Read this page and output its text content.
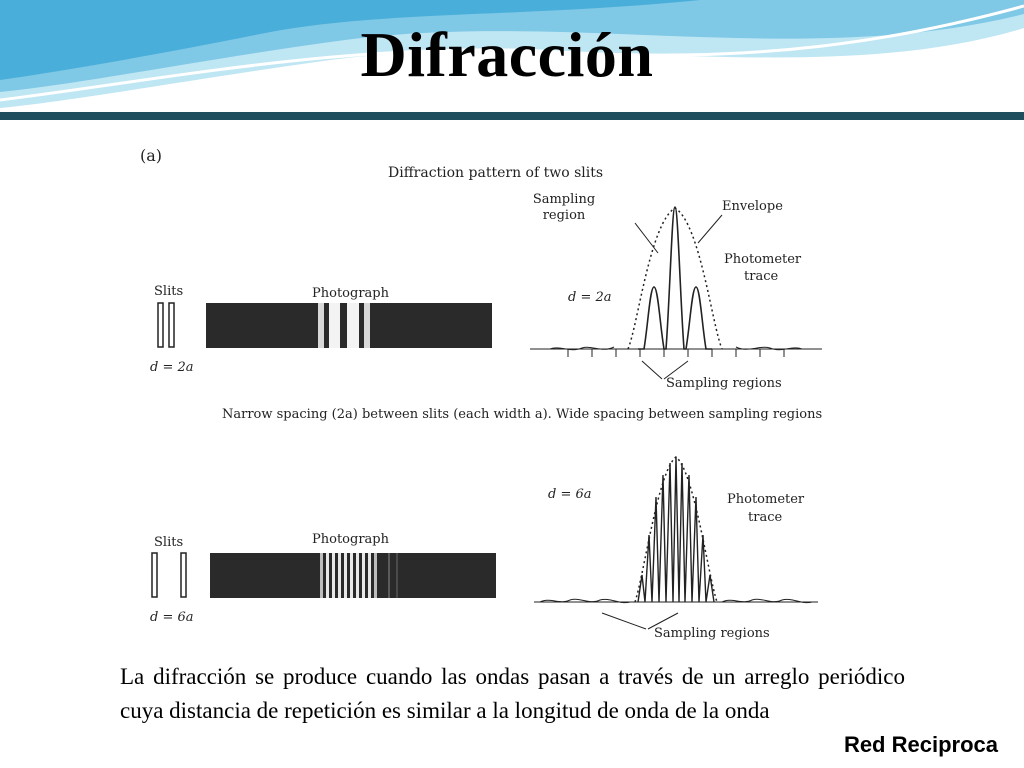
Difracción
(a)
Diffraction pattern of two slits
Slits
d = 2a
Photograph
Sampling
region
Envelope
Photometer
trace
d = 2a
Sampling regions
Narrow spacing (2a) between slits (each width a). Wide spacing between sampling regions
Slits
d = 6a
Photograph
d = 6a	Photometer
trace
Sampling regions
La difracción se produce cuando las ondas pasan a través de un arreglo periódico cuya distancia de repetición es similar a la longitud de onda de la onda
Red Reciproca
